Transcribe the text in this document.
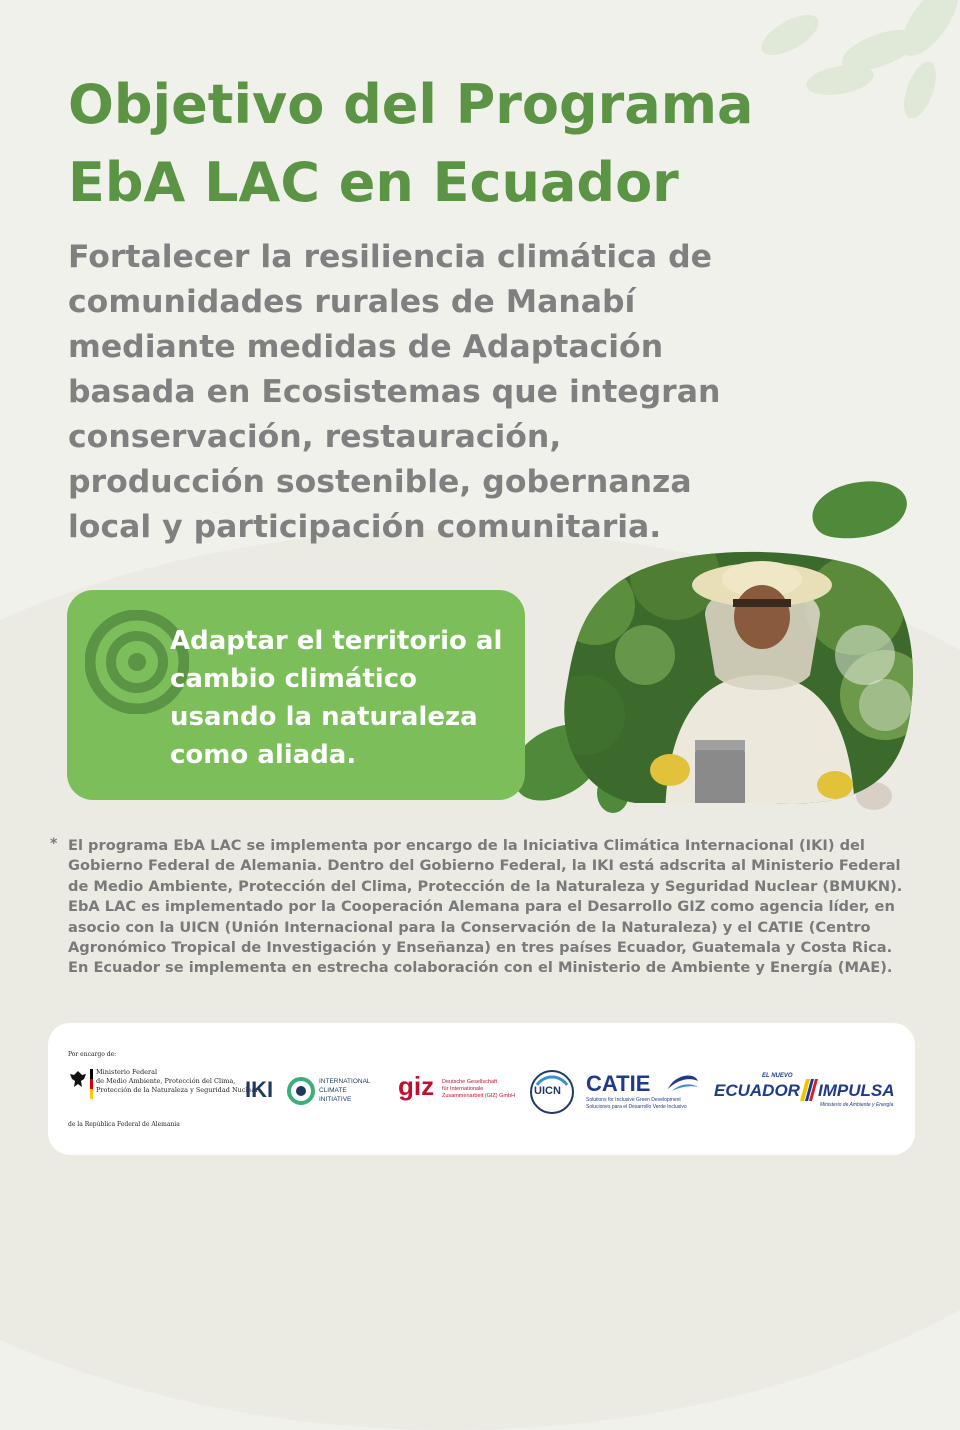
Objetivo del Programa
EbA LAC en Ecuador

Fortalecer la resiliencia climática de comunidades rurales de Manabí mediante medidas de Adaptación basada en Ecosistemas que integran conservación, restauración, producción sostenible, gobernanza local y participación comunitaria.

Adaptar el territorio al cambio climático usando la naturaleza como aliada.
* El programa EbA LAC se implementa por encargo de la Iniciativa Climática Internacional (IKI) del Gobierno Federal de Alemania. Dentro del Gobierno Federal, la IKI está adscrita al Ministerio Federal de Medio Ambiente, Protección del Clima, Protección de la Naturaleza y Seguridad Nuclear (BMUKN). EbA LAC es implementado por la Cooperación Alemana para el Desarrollo GIZ como agencia líder, en asocio con la UICN (Unión Internacional para la Conservación de la Naturaleza) y el CATIE (Centro Agronómico Tropical de Investigación y Enseñanza) en tres países Ecuador, Guatemala y Costa Rica. En Ecuador se implementa en estrecha colaboración con el Ministerio de Ambiente y Energía (MAE).

Por encargo de:
Ministerio Federal
de Medio Ambiente, Protección del Clima,
Protección de la Naturaleza y Seguridad Nuclear
de la República Federal de Alemania
IKI	INTERNATIONAL
CLIMATE
INITIATIVE giz Deutsche Gesellschaft
für Internationale
Zusammenarbeit (GIZ) GmbH UICN CATIE
Solutions for Inclusive Green Development
Soluciones para el Desarrollo Verde Inclusivo
EL NUEVO
ECUADOR IMPULSA
Ministerio de Ambiente y Energía
